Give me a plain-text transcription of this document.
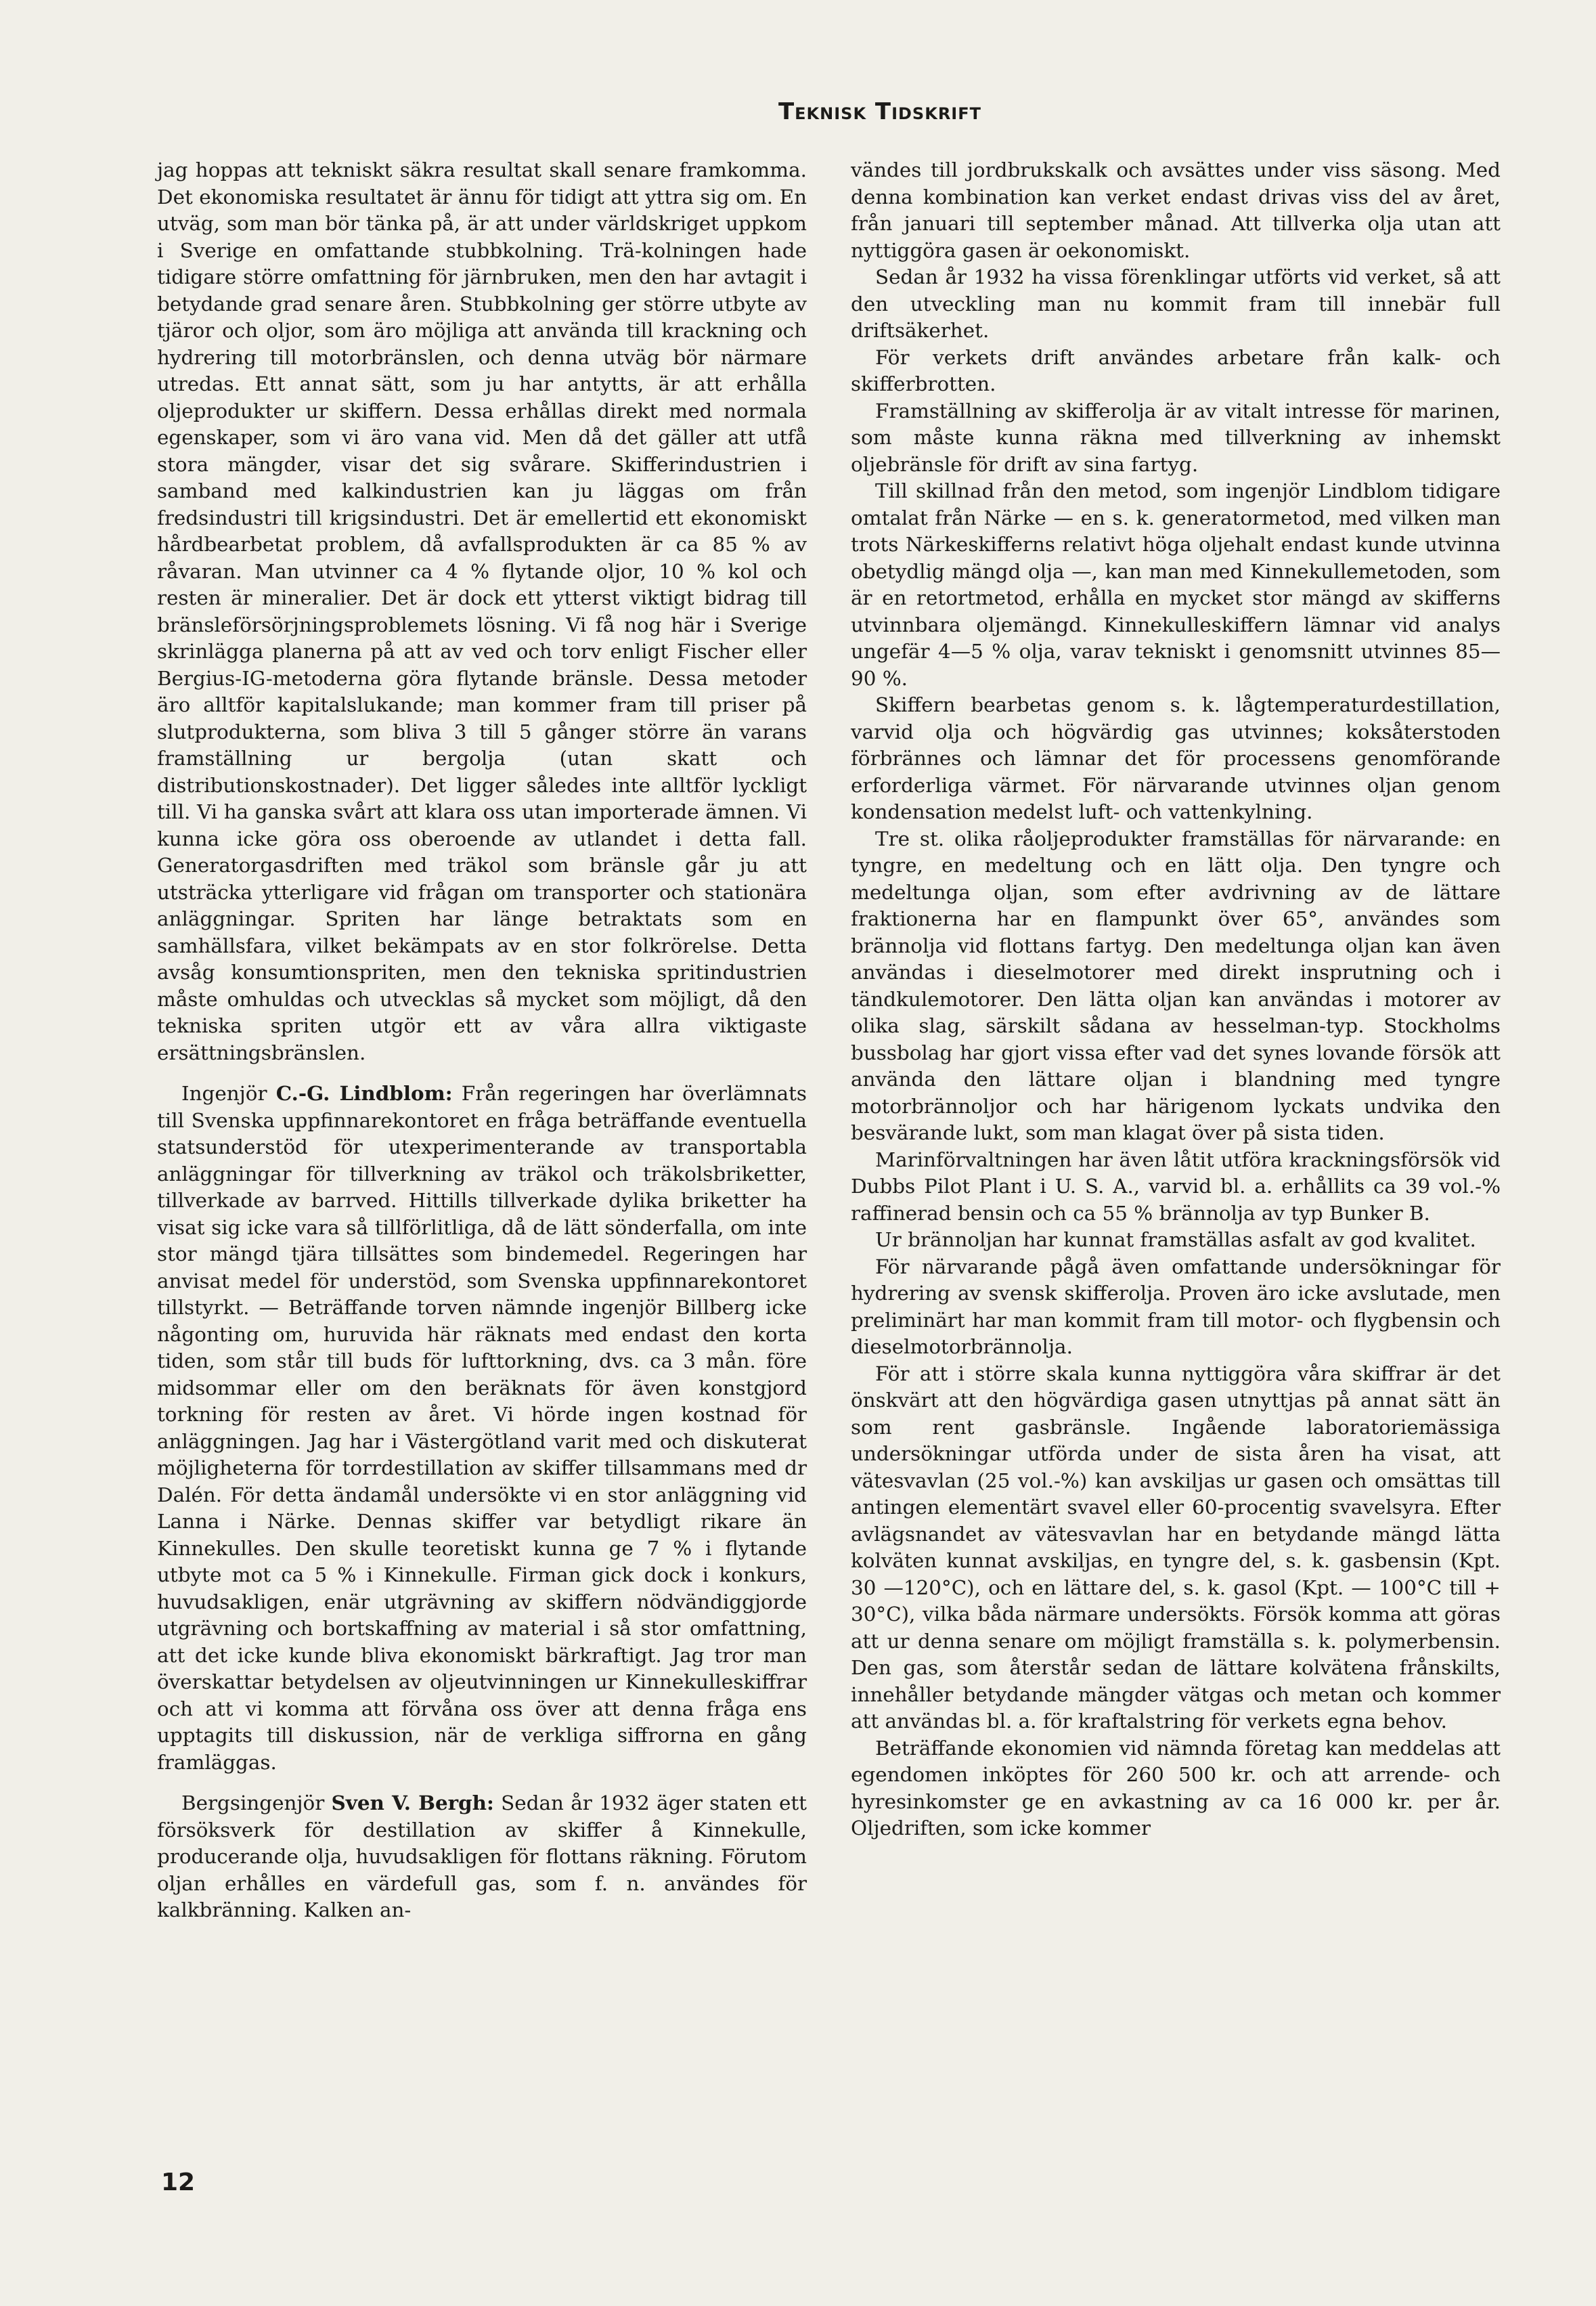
Teknisk Tidskrift

jag hoppas att tekniskt säkra resultat skall senare framkomma. Det ekonomiska resultatet är ännu för tidigt att yttra sig om. En utväg, som man bör tänka på, är att under världskriget uppkom i Sverige en omfattande stubbkolning. Trä-kolningen hade tidigare större omfattning för järnbruken, men den har avtagit i betydande grad senare åren. Stubbkolning ger större utbyte av tjäror och oljor, som äro möjliga att använda till krackning och hydrering till motorbränslen, och denna utväg bör närmare utredas. Ett annat sätt, som ju har antytts, är att erhålla oljeprodukter ur skiffern. Dessa erhållas direkt med normala egenskaper, som vi äro vana vid. Men då det gäller att utfå stora mängder, visar det sig svårare. Skifferindustrien i samband med kalkindustrien kan ju läggas om från fredsindustri till krigsindustri. Det är emellertid ett ekonomiskt hårdbearbetat problem, då avfallsprodukten är ca 85 % av råvaran. Man utvinner ca 4 % flytande oljor, 10 % kol och resten är mineralier. Det är dock ett ytterst viktigt bidrag till bränsleförsörjningsproblemets lösning. Vi få nog här i Sverige skrinlägga planerna på att av ved och torv enligt Fischer eller Bergius-IG-metoderna göra flytande bränsle. Dessa metoder äro alltför kapitalslukande; man kommer fram till priser på slutprodukterna, som bliva 3 till 5 gånger större än varans framställning ur bergolja (utan skatt och distributionskostnader). Det ligger således inte alltför lyckligt till. Vi ha ganska svårt att klara oss utan importerade ämnen. Vi kunna icke göra oss oberoende av utlandet i detta fall. Generatorgasdriften med träkol som bränsle går ju att utsträcka ytterligare vid frågan om transporter och stationära anläggningar. Spriten har länge betraktats som en samhällsfara, vilket bekämpats av en stor folkrörelse. Detta avsåg konsumtionspriten, men den tekniska spritindustrien måste omhuldas och utvecklas så mycket som möjligt, då den tekniska spriten utgör ett av våra allra viktigaste ersättningsbränslen.

Ingenjör C.-G. Lindblom: Från regeringen har överlämnats till Svenska uppfinnarekontoret en fråga beträffande eventuella statsunderstöd för utexperimenterande av transportabla anläggningar för tillverkning av träkol och träkolsbriketter, tillverkade av barrved. Hittills tillverkade dylika briketter ha visat sig icke vara så tillförlitliga, då de lätt sönderfalla, om inte stor mängd tjära tillsättes som bindemedel. Regeringen har anvisat medel för understöd, som Svenska uppfinnarekontoret tillstyrkt. — Beträffande torven nämnde ingenjör Billberg icke någonting om, huruvida här räknats med endast den korta tiden, som står till buds för lufttorkning, dvs. ca 3 mån. före midsommar eller om den beräknats för även konstgjord torkning för resten av året. Vi hörde ingen kostnad för anläggningen. Jag har i Västergötland varit med och diskuterat möjligheterna för torrdestillation av skiffer tillsammans med dr Dalén. För detta ändamål undersökte vi en stor anläggning vid Lanna i Närke. Dennas skiffer var betydligt rikare än Kinnekulles. Den skulle teoretiskt kunna ge 7 % i flytande utbyte mot ca 5 % i Kinnekulle. Firman gick dock i konkurs, huvudsakligen, enär utgrävning av skiffern nödvändiggjorde utgrävning och bortskaffning av material i så stor omfattning, att det icke kunde bliva ekonomiskt bärkraftigt. Jag tror man överskattar betydelsen av oljeutvinningen ur Kinnekulleskiffrar och att vi komma att förvåna oss över att denna fråga ens upptagits till diskussion, när de verkliga siffrorna en gång framläggas.

Bergsingenjör Sven V. Bergh: Sedan år 1932 äger staten ett försöksverk för destillation av skiffer å Kinnekulle, producerande olja, huvudsakligen för flottans räkning. Förutom oljan erhålles en värdefull gas, som f. n. användes för kalkbränning. Kalken an-

vändes till jordbrukskalk och avsättes under viss säsong. Med denna kombination kan verket endast drivas viss del av året, från januari till september månad. Att tillverka olja utan att nyttiggöra gasen är oekonomiskt.

Sedan år 1932 ha vissa förenklingar utförts vid verket, så att den utveckling man nu kommit fram till innebär full driftsäkerhet.

För verkets drift användes arbetare från kalk- och skifferbrotten.

Framställning av skifferolja är av vitalt intresse för marinen, som måste kunna räkna med tillverkning av inhemskt oljebränsle för drift av sina fartyg.

Till skillnad från den metod, som ingenjör Lindblom tidigare omtalat från Närke — en s. k. generatormetod, med vilken man trots Närkeskifferns relativt höga oljehalt endast kunde utvinna obetydlig mängd olja —, kan man med Kinnekullemetoden, som är en retortmetod, erhålla en mycket stor mängd av skifferns utvinnbara oljemängd. Kinnekulleskiffern lämnar vid analys ungefär 4—5 % olja, varav tekniskt i genomsnitt utvinnes 85—90 %.

Skiffern bearbetas genom s. k. lågtemperaturdestillation, varvid olja och högvärdig gas utvinnes; koksåterstoden förbrännes och lämnar det för processens genomförande erforderliga värmet. För närvarande utvinnes oljan genom kondensation medelst luft- och vattenkylning.

Tre st. olika råoljeprodukter framställas för närvarande: en tyngre, en medeltung och en lätt olja. Den tyngre och medeltunga oljan, som efter avdrivning av de lättare fraktionerna har en flampunkt över 65°, användes som brännolja vid flottans fartyg. Den medeltunga oljan kan även användas i dieselmotorer med direkt insprutning och i tändkulemotorer. Den lätta oljan kan användas i motorer av olika slag, särskilt sådana av hesselman-typ. Stockholms bussbolag har gjort vissa efter vad det synes lovande försök att använda den lättare oljan i blandning med tyngre motorbrännoljor och har härigenom lyckats undvika den besvärande lukt, som man klagat över på sista tiden.

Marinförvaltningen har även låtit utföra krackningsförsök vid Dubbs Pilot Plant i U. S. A., varvid bl. a. erhållits ca 39 vol.-% raffinerad bensin och ca 55 % brännolja av typ Bunker B.

Ur brännoljan har kunnat framställas asfalt av god kvalitet.

För närvarande pågå även omfattande undersökningar för hydrering av svensk skifferolja. Proven äro icke avslutade, men preliminärt har man kommit fram till motor- och flygbensin och dieselmotorbrännolja.

För att i större skala kunna nyttiggöra våra skiffrar är det önskvärt att den högvärdiga gasen utnyttjas på annat sätt än som rent gasbränsle. Ingående laboratoriemässiga undersökningar utförda under de sista åren ha visat, att vätesvavlan (25 vol.-%) kan avskiljas ur gasen och omsättas till antingen elementärt svavel eller 60-procentig svavelsyra. Efter avlägsnandet av vätesvavlan har en betydande mängd lätta kolväten kunnat avskiljas, en tyngre del, s. k. gasbensin (Kpt. 30 —120°C), och en lättare del, s. k. gasol (Kpt. — 100°C till + 30°C), vilka båda närmare undersökts. Försök komma att göras att ur denna senare om möjligt framställa s. k. polymerbensin. Den gas, som återstår sedan de lättare kolvätena frånskilts, innehåller betydande mängder vätgas och metan och kommer att användas bl. a. för kraftalstring för verkets egna behov.

Beträffande ekonomien vid nämnda företag kan meddelas att egendomen inköptes för 260 500 kr. och att arrende- och hyresinkomster ge en avkastning av ca 16 000 kr. per år. Oljedriften, som icke kommer

12
